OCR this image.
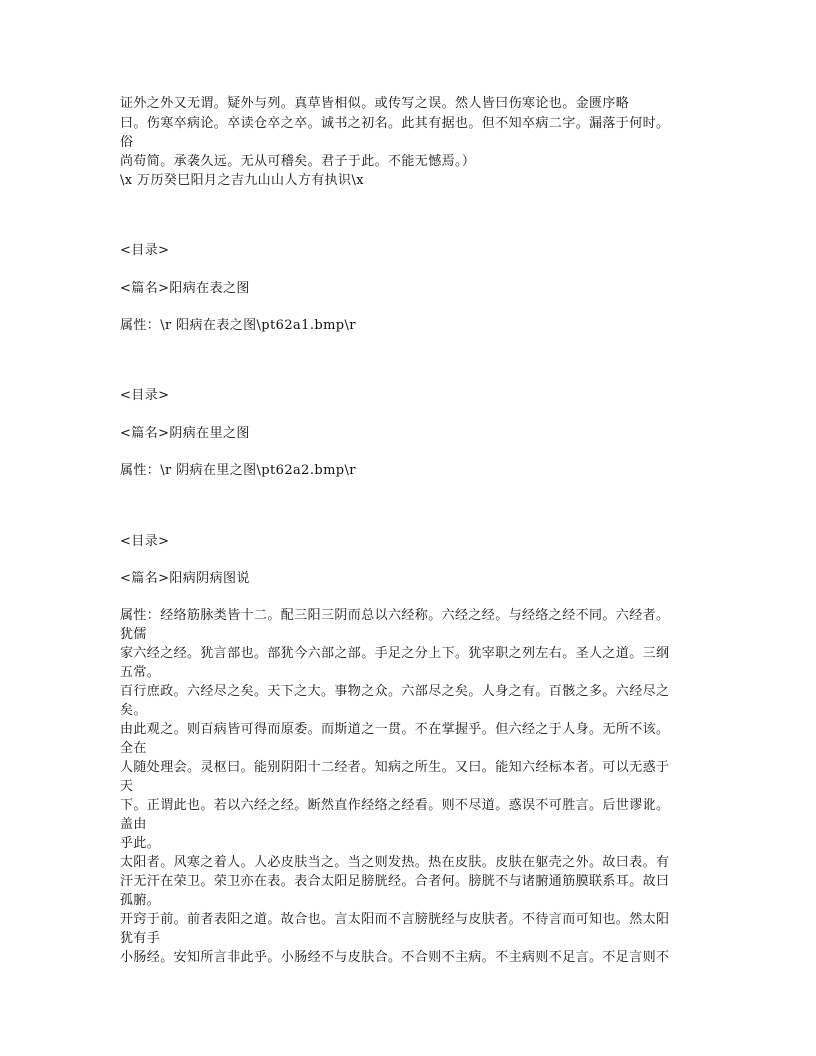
证外之外又无谓。疑外与列。真草皆相似。或传写之误。然人皆曰伤寒论也。金匮序略
曰。伤寒卒病论。卒读仓卒之卒。诚书之初名。此其有据也。但不知卒病二字。漏落于何时。
俗
尚苟简。承袭久远。无从可稽矣。君子于此。不能无憾焉。）
\x 万历癸巳阳月之吉九山山人方有执识\x
<目录>
<篇名>阳病在表之图
属性：\r 阳病在表之图\pt62a1.bmp\r
<目录>
<篇名>阴病在里之图
属性：\r 阴病在里之图\pt62a2.bmp\r
<目录>
<篇名>阳病阴病图说
属性：经络筋脉类皆十二。配三阳三阴而总以六经称。六经之经。与经络之经不同。六经者。
犹儒
家六经之经。犹言部也。部犹今六部之部。手足之分上下。犹宰职之列左右。圣人之道。三纲
五常。
百行庶政。六经尽之矣。天下之大。事物之众。六部尽之矣。人身之有。百骸之多。六经尽之
矣。
由此观之。则百病皆可得而原委。而斯道之一贯。不在掌握乎。但六经之于人身。无所不该。
全在
人随处理会。灵枢曰。能别阴阳十二经者。知病之所生。又曰。能知六经标本者。可以无惑于
天
下。正谓此也。若以六经之经。断然直作经络之经看。则不尽道。惑误不可胜言。后世谬讹。
盖由
乎此。
太阳者。风寒之着人。人必皮肤当之。当之则发热。热在皮肤。皮肤在躯壳之外。故曰表。有
汗无汗在荣卫。荣卫亦在表。表合太阳足膀胱经。合者何。膀胱不与诸腑通筋膜联系耳。故曰
孤腑。
开窍于前。前者表阳之道。故合也。言太阳而不言膀胱经与皮肤者。不待言而可知也。然太阳
犹有手
小肠经。安知所言非此乎。小肠经不与皮肤合。不合则不主病。不主病则不足言。不足言则不
